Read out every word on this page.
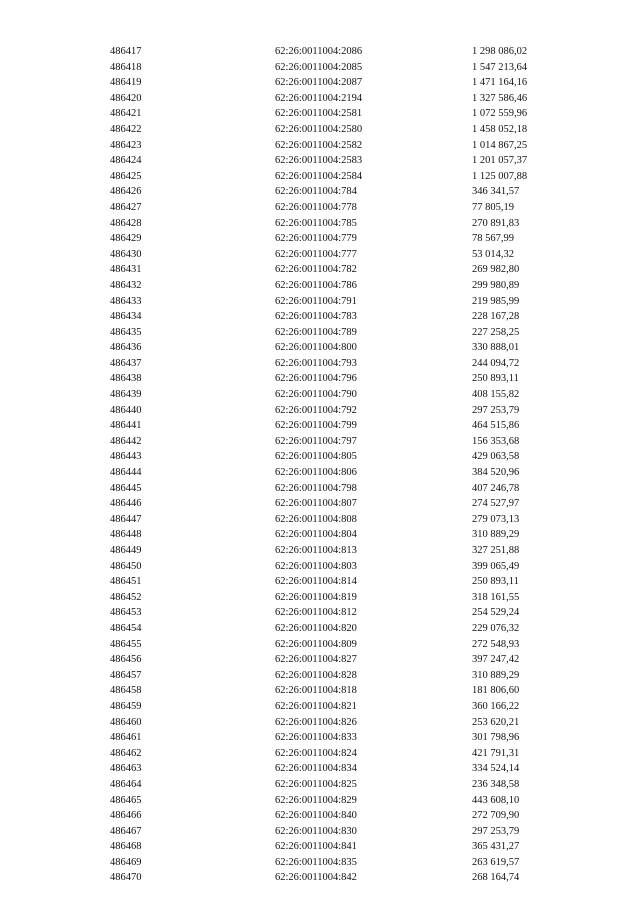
486417	62:26:0011004:2086	1 298 086,02
486418	62:26:0011004:2085	1 547 213,64
486419	62:26:0011004:2087	1 471 164,16
486420	62:26:0011004:2194	1 327 586,46
486421	62:26:0011004:2581	1 072 559,96
486422	62:26:0011004:2580	1 458 052,18
486423	62:26:0011004:2582	1 014 867,25
486424	62:26:0011004:2583	1 201 057,37
486425	62:26:0011004:2584	1 125 007,88
486426	62:26:0011004:784	346 341,57
486427	62:26:0011004:778	77 805,19
486428	62:26:0011004:785	270 891,83
486429	62:26:0011004:779	78 567,99
486430	62:26:0011004:777	53 014,32
486431	62:26:0011004:782	269 982,80
486432	62:26:0011004:786	299 980,89
486433	62:26:0011004:791	219 985,99
486434	62:26:0011004:783	228 167,28
486435	62:26:0011004:789	227 258,25
486436	62:26:0011004:800	330 888,01
486437	62:26:0011004:793	244 094,72
486438	62:26:0011004:796	250 893,11
486439	62:26:0011004:790	408 155,82
486440	62:26:0011004:792	297 253,79
486441	62:26:0011004:799	464 515,86
486442	62:26:0011004:797	156 353,68
486443	62:26:0011004:805	429 063,58
486444	62:26:0011004:806	384 520,96
486445	62:26:0011004:798	407 246,78
486446	62:26:0011004:807	274 527,97
486447	62:26:0011004:808	279 073,13
486448	62:26:0011004:804	310 889,29
486449	62:26:0011004:813	327 251,88
486450	62:26:0011004:803	399 065,49
486451	62:26:0011004:814	250 893,11
486452	62:26:0011004:819	318 161,55
486453	62:26:0011004:812	254 529,24
486454	62:26:0011004:820	229 076,32
486455	62:26:0011004:809	272 548,93
486456	62:26:0011004:827	397 247,42
486457	62:26:0011004:828	310 889,29
486458	62:26:0011004:818	181 806,60
486459	62:26:0011004:821	360 166,22
486460	62:26:0011004:826	253 620,21
486461	62:26:0011004:833	301 798,96
486462	62:26:0011004:824	421 791,31
486463	62:26:0011004:834	334 524,14
486464	62:26:0011004:825	236 348,58
486465	62:26:0011004:829	443 608,10
486466	62:26:0011004:840	272 709,90
486467	62:26:0011004:830	297 253,79
486468	62:26:0011004:841	365 431,27
486469	62:26:0011004:835	263 619,57
486470	62:26:0011004:842	268 164,74
